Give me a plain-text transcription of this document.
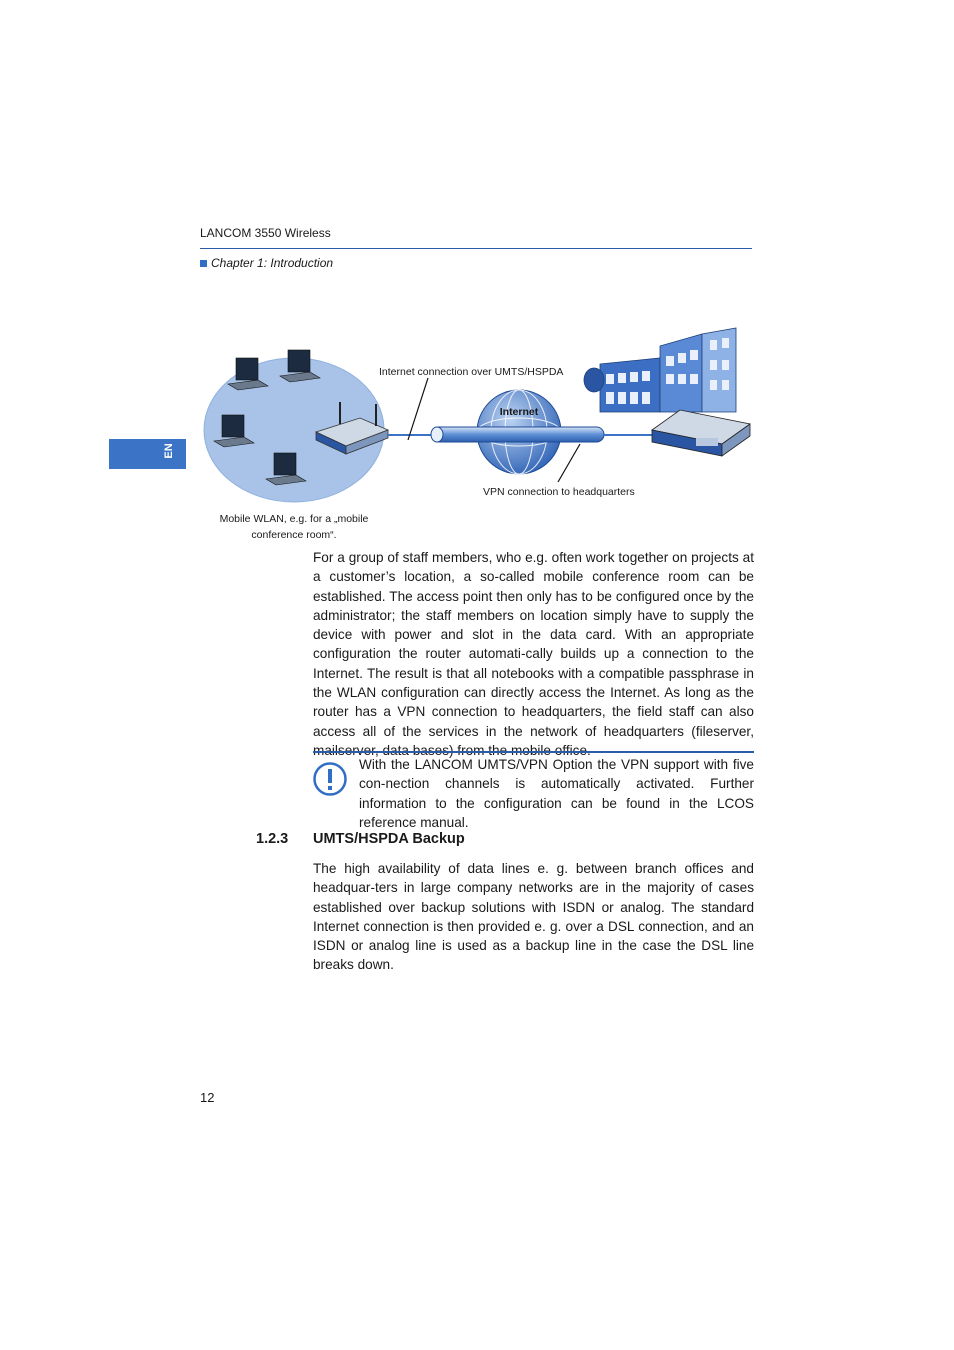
LANCOM 3550 Wireless
Chapter 1: Introduction
EN
Internet connection over UMTS/HSPDA
Internet
VPN connection to headquarters
Mobile WLAN, e.g. for a „mobile
conference room“.
For a group of staff members, who e.g. often work together on projects at a customer’s location, a so-called mobile conference room can be established. The access point then only has to be configured once by the administrator; the staff members on location simply have to supply the device with power and slot in the data card. With an appropriate configuration the router automati-cally builds up a connection to the Internet. The result is that all notebooks with a compatible passphrase in the WLAN configuration can directly access the Internet. As long as the router has a VPN connection to headquarters, the field staff can also access all of the services in the network of headquarters (fileserver,
With the LANCOM UMTS/VPN Option the VPN support with five con-nection channels is automatically activated. Further information to the configuration can be found in the LCOS reference manual.
1.2.3 UMTS/HSPDA Backup
The high availability of data lines e. g. between branch offices and headquar-ters in large company networks are in the majority of cases established over backup solutions with ISDN or analog. The standard Internet connection is then provided e. g. over a DSL connection, and an ISDN or analog line is used as a backup line in the case the DSL line breaks down.
12
